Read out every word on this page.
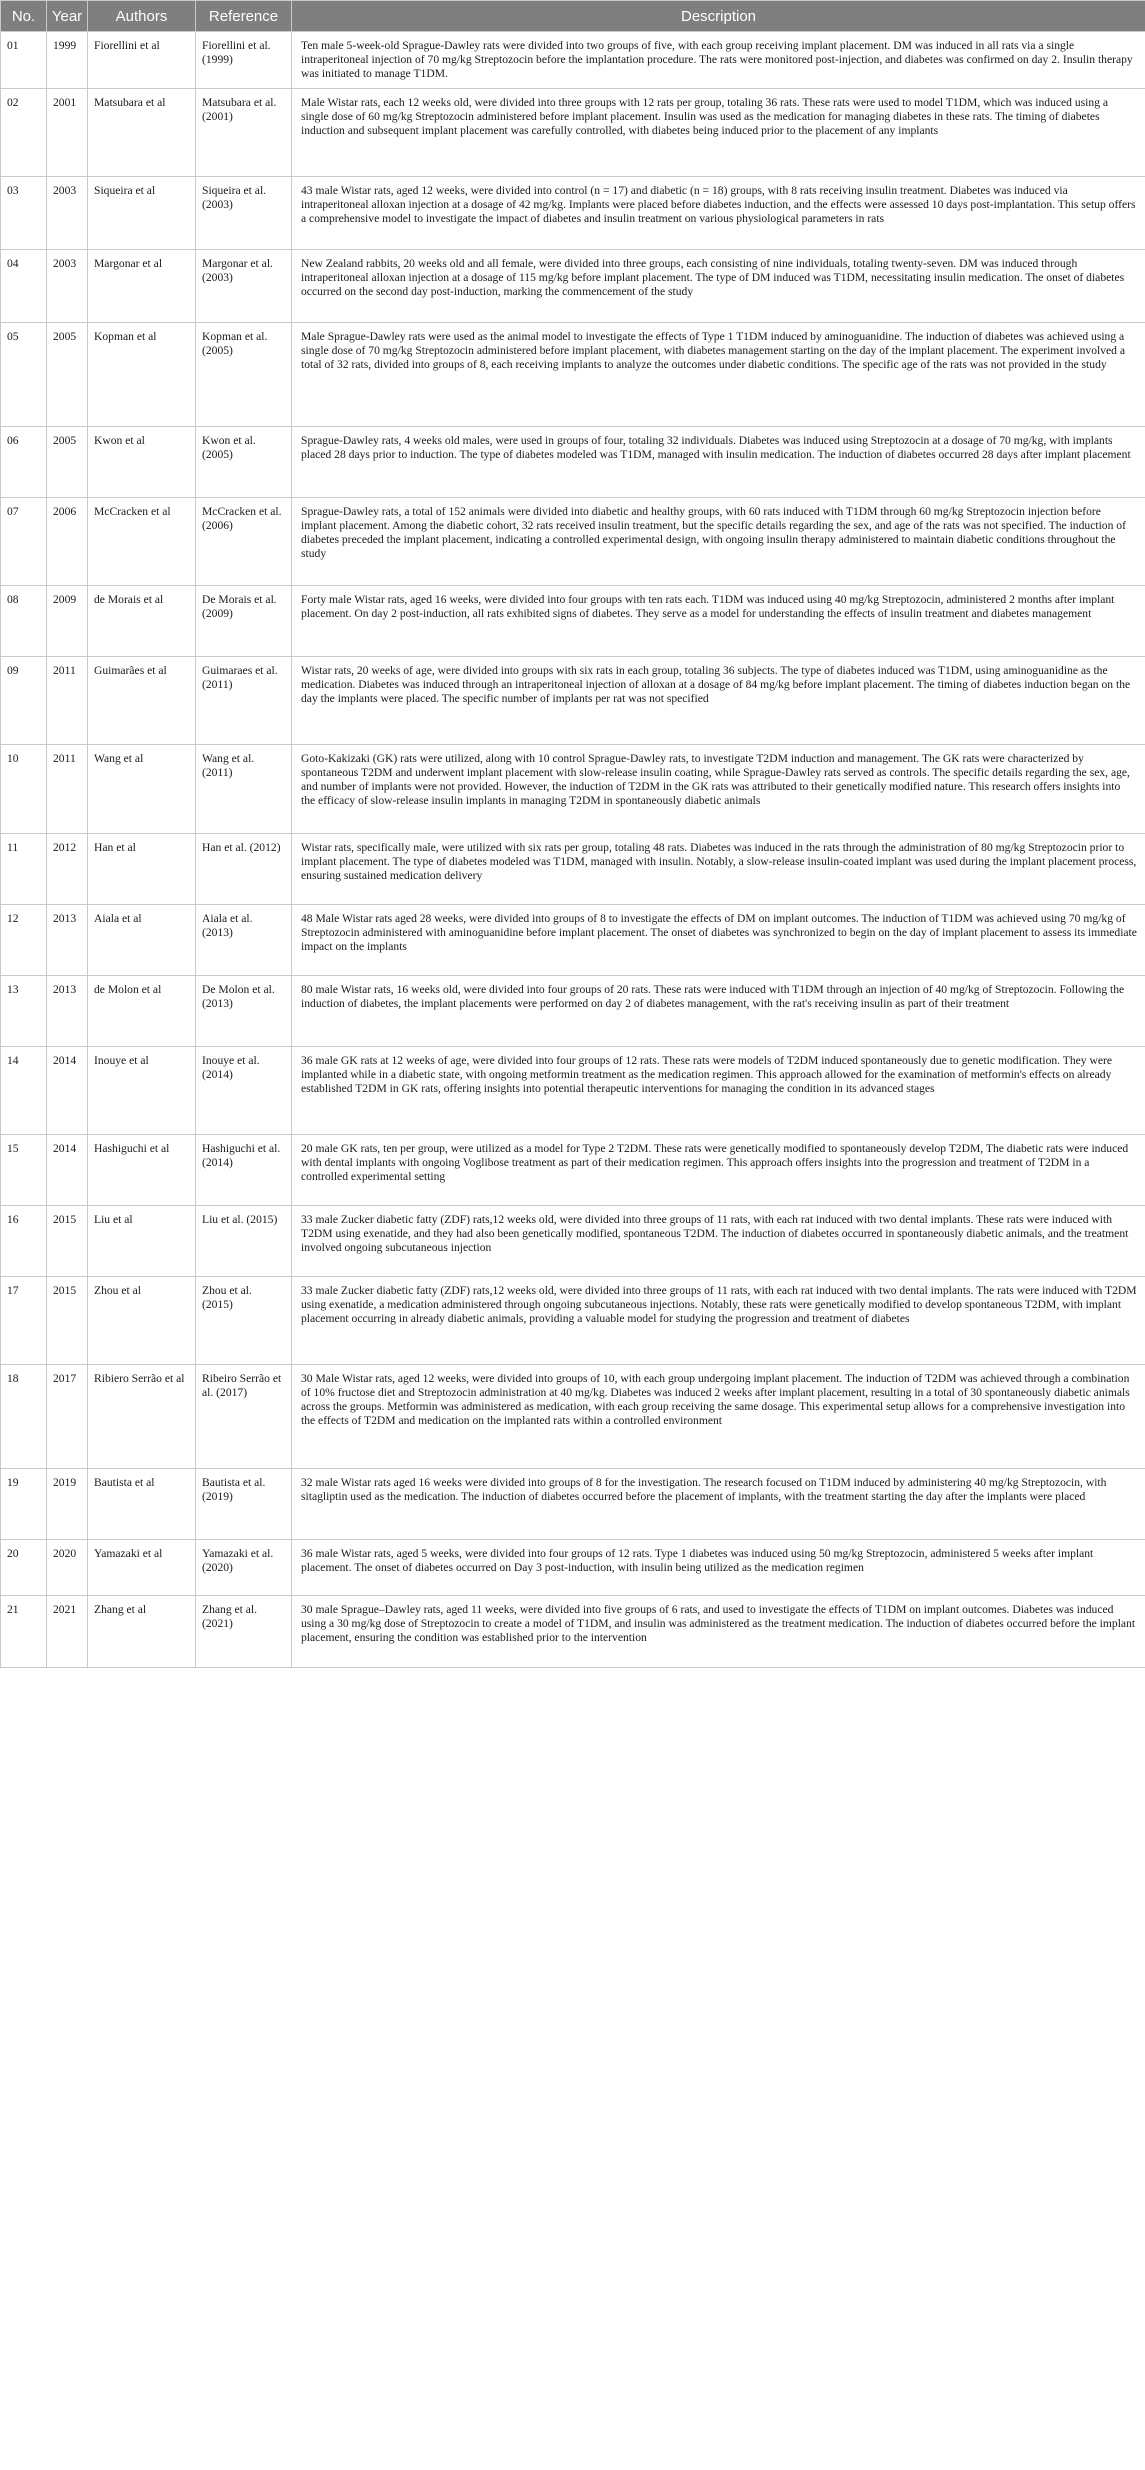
No.	Year	Authors	Reference	Description
01	1999	Fiorellini et al	Fiorellini et al. (1999)	Ten male 5-week-old Sprague-Dawley rats were divided into two groups of five, with each group receiving implant placement. DM was induced in all rats via a single intraperitoneal injection of 70 mg/kg Streptozocin before the implantation procedure. The rats were monitored post-injection, and diabetes was confirmed on day 2. Insulin therapy was initiated to manage T1DM.
02	2001	Matsubara et al	Matsubara et al. (2001)	Male Wistar rats, each 12 weeks old, were divided into three groups with 12 rats per group, totaling 36 rats. These rats were used to model T1DM, which was induced using a single dose of 60 mg/kg Streptozocin administered before implant placement. Insulin was used as the medication for managing diabetes in these rats. The timing of diabetes induction and subsequent implant placement was carefully controlled, with diabetes being induced prior to the placement of any implants
03	2003	Siqueira et al	Siqueira et al. (2003)	43 male Wistar rats, aged 12 weeks, were divided into control (n = 17) and diabetic (n = 18) groups, with 8 rats receiving insulin treatment. Diabetes was induced via intraperitoneal alloxan injection at a dosage of 42 mg/kg. Implants were placed before diabetes induction, and the effects were assessed 10 days post-implantation. This setup offers a comprehensive model to investigate the impact of diabetes and insulin treatment on various physiological parameters in rats
04	2003	Margonar et al	Margonar et al. (2003)	New Zealand rabbits, 20 weeks old and all female, were divided into three groups, each consisting of nine individuals, totaling twenty-seven. DM was induced through intraperitoneal alloxan injection at a dosage of 115 mg/kg before implant placement. The type of DM induced was T1DM, necessitating insulin medication. The onset of diabetes occurred on the second day post-induction, marking the commencement of the study
05	2005	Kopman et al	Kopman et al. (2005)	Male Sprague-Dawley rats were used as the animal model to investigate the effects of Type 1 T1DM induced by aminoguanidine. The induction of diabetes was achieved using a single dose of 70 mg/kg Streptozocin administered before implant placement, with diabetes management starting on the day of the implant placement. The experiment involved a total of 32 rats, divided into groups of 8, each receiving implants to analyze the outcomes under diabetic conditions. The specific age of the rats was not provided in the study
06	2005	Kwon et al	Kwon et al. (2005)	Sprague-Dawley rats, 4 weeks old males, were used in groups of four, totaling 32 individuals. Diabetes was induced using Streptozocin at a dosage of 70 mg/kg, with implants placed 28 days prior to induction. The type of diabetes modeled was T1DM, managed with insulin medication. The induction of diabetes occurred 28 days after implant placement
07	2006	McCracken et al	McCracken et al. (2006)	Sprague-Dawley rats, a total of 152 animals were divided into diabetic and healthy groups, with 60 rats induced with T1DM through 60 mg/kg Streptozocin injection before implant placement. Among the diabetic cohort, 32 rats received insulin treatment, but the specific details regarding the sex, and age of the rats was not specified. The induction of diabetes preceded the implant placement, indicating a controlled experimental design, with ongoing insulin therapy administered to maintain diabetic conditions throughout the study
08	2009	de Morais et al	De Morais et al. (2009)	Forty male Wistar rats, aged 16 weeks, were divided into four groups with ten rats each. T1DM was induced using 40 mg/kg Streptozocin, administered 2 months after implant placement. On day 2 post-induction, all rats exhibited signs of diabetes. They serve as a model for understanding the effects of insulin treatment and diabetes management
09	2011	Guimarães et al	Guimaraes et al. (2011)	Wistar rats, 20 weeks of age, were divided into groups with six rats in each group, totaling 36 subjects. The type of diabetes induced was T1DM, using aminoguanidine as the medication. Diabetes was induced through an intraperitoneal injection of alloxan at a dosage of 84 mg/kg before implant placement. The timing of diabetes induction began on the day the implants were placed. The specific number of implants per rat was not specified
10	2011	Wang et al	Wang et al. (2011)	Goto-Kakizaki (GK) rats were utilized, along with 10 control Sprague-Dawley rats, to investigate T2DM induction and management. The GK rats were characterized by spontaneous T2DM and underwent implant placement with slow-release insulin coating, while Sprague-Dawley rats served as controls. The specific details regarding the sex, age, and number of implants were not provided. However, the induction of T2DM in the GK rats was attributed to their genetically modified nature. This research offers insights into the efficacy of slow-release insulin implants in managing T2DM in spontaneously diabetic animals
11	2012	Han et al	Han et al. (2012)	Wistar rats, specifically male, were utilized with six rats per group, totaling 48 rats. Diabetes was induced in the rats through the administration of 80 mg/kg Streptozocin prior to implant placement. The type of diabetes modeled was T1DM, managed with insulin. Notably, a slow-release insulin-coated implant was used during the implant placement process, ensuring sustained medication delivery
12	2013	Aiala et al	Aiala et al. (2013)	48 Male Wistar rats aged 28 weeks, were divided into groups of 8 to investigate the effects of DM on implant outcomes. The induction of T1DM was achieved using 70 mg/kg of Streptozocin administered with aminoguanidine before implant placement. The onset of diabetes was synchronized to begin on the day of implant placement to assess its immediate impact on the implants
13	2013	de Molon et al	De Molon et al. (2013)	80 male Wistar rats, 16 weeks old, were divided into four groups of 20 rats. These rats were induced with T1DM through an injection of 40 mg/kg of Streptozocin. Following the induction of diabetes, the implant placements were performed on day 2 of diabetes management, with the rat's receiving insulin as part of their treatment
14	2014	Inouye et al	Inouye et al. (2014)	36 male GK rats at 12 weeks of age, were divided into four groups of 12 rats. These rats were models of T2DM induced spontaneously due to genetic modification. They were implanted while in a diabetic state, with ongoing metformin treatment as the medication regimen. This approach allowed for the examination of metformin's effects on already established T2DM in GK rats, offering insights into potential therapeutic interventions for managing the condition in its advanced stages
15	2014	Hashiguchi et al	Hashiguchi et al. (2014)	20 male GK rats, ten per group, were utilized as a model for Type 2 T2DM. These rats were genetically modified to spontaneously develop T2DM, The diabetic rats were induced with dental implants with ongoing Voglibose treatment as part of their medication regimen. This approach offers insights into the progression and treatment of T2DM in a controlled experimental setting
16	2015	Liu et al	Liu et al. (2015)	33 male Zucker diabetic fatty (ZDF) rats,12 weeks old, were divided into three groups of 11 rats, with each rat induced with two dental implants. These rats were induced with T2DM using exenatide, and they had also been genetically modified, spontaneous T2DM. The induction of diabetes occurred in spontaneously diabetic animals, and the treatment involved ongoing subcutaneous injection
17	2015	Zhou et al	Zhou et al. (2015)	33 male Zucker diabetic fatty (ZDF) rats,12 weeks old, were divided into three groups of 11 rats, with each rat induced with two dental implants. The rats were induced with T2DM using exenatide, a medication administered through ongoing subcutaneous injections. Notably, these rats were genetically modified to develop spontaneous T2DM, with implant placement occurring in already diabetic animals, providing a valuable model for studying the progression and treatment of diabetes
18	2017	Ribiero Serrão et al	Ribeiro Serrão et al. (2017)	30 Male Wistar rats, aged 12 weeks, were divided into groups of 10, with each group undergoing implant placement. The induction of T2DM was achieved through a combination of 10% fructose diet and Streptozocin administration at 40 mg/kg. Diabetes was induced 2 weeks after implant placement, resulting in a total of 30 spontaneously diabetic animals across the groups. Metformin was administered as medication, with each group receiving the same dosage. This experimental setup allows for a comprehensive investigation into the effects of T2DM and medication on the implanted rats within a controlled environment
19	2019	Bautista et al	Bautista et al. (2019)	32 male Wistar rats aged 16 weeks were divided into groups of 8 for the investigation. The research focused on T1DM induced by administering 40 mg/kg Streptozocin, with sitagliptin used as the medication. The induction of diabetes occurred before the placement of implants, with the treatment starting the day after the implants were placed
20	2020	Yamazaki et al	Yamazaki et al. (2020)	36 male Wistar rats, aged 5 weeks, were divided into four groups of 12 rats. Type 1 diabetes was induced using 50 mg/kg Streptozocin, administered 5 weeks after implant placement. The onset of diabetes occurred on Day 3 post-induction, with insulin being utilized as the medication regimen
21	2021	Zhang et al	Zhang et al. (2021)	30 male Sprague–Dawley rats, aged 11 weeks, were divided into five groups of 6 rats, and used to investigate the effects of T1DM on implant outcomes. Diabetes was induced using a 30 mg/kg dose of Streptozocin to create a model of T1DM, and insulin was administered as the treatment medication. The induction of diabetes occurred before the implant placement, ensuring the condition was established prior to the intervention
